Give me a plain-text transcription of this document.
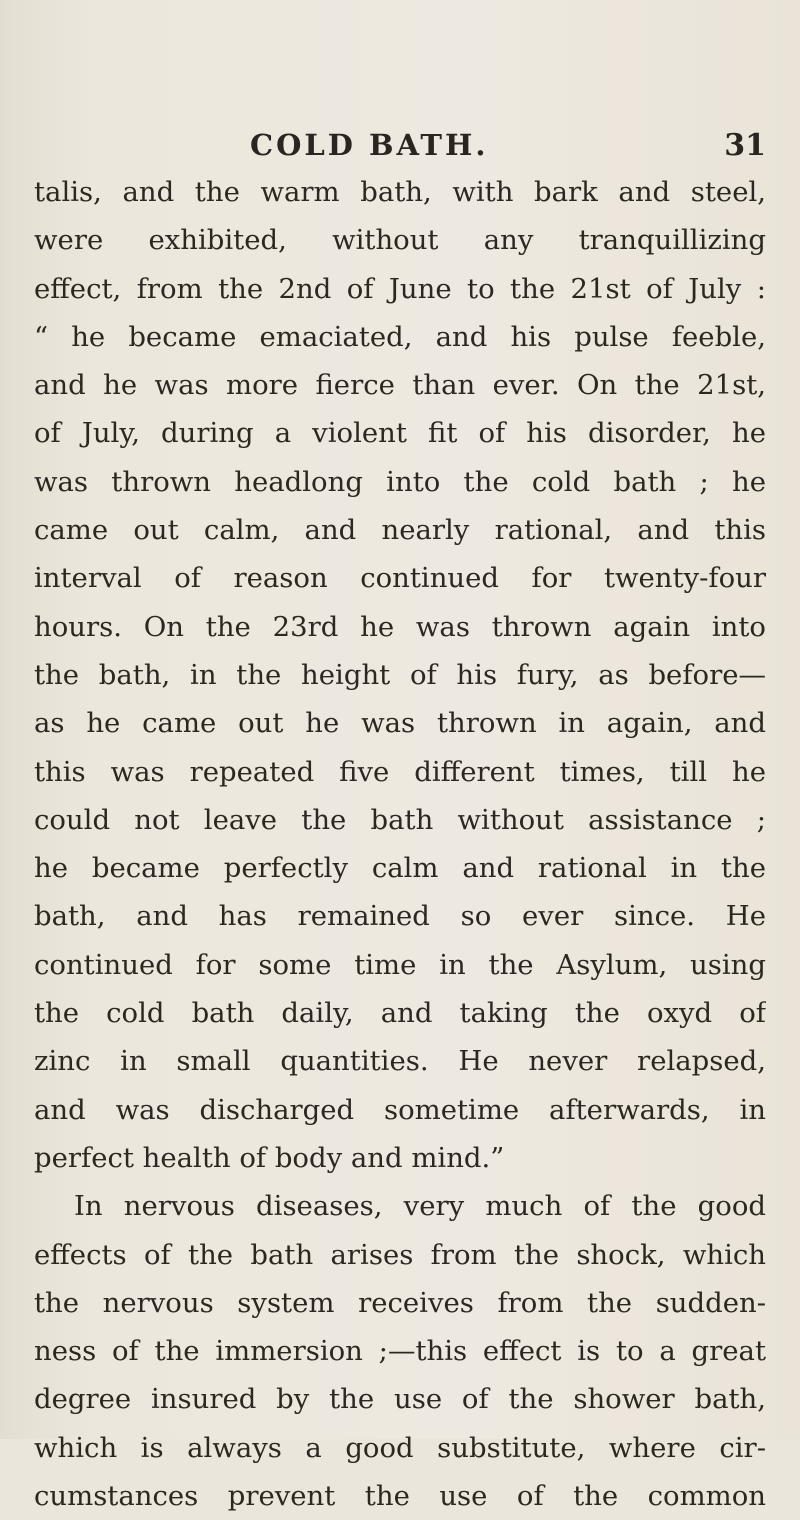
COLD BATH.	31
talis, and the warm bath, with bark and steel,
were exhibited, without any tranquillizing
effect, from the 2nd of June to the 21st of July :
“ he became emaciated, and his pulse feeble,
and he was more fierce than ever. On the 21st,
of July, during a violent fit of his disorder, he
was thrown headlong into the cold bath ; he
came out calm, and nearly rational, and this
interval of reason continued for twenty-four
hours. On the 23rd he was thrown again into
the bath, in the height of his fury, as before—
as he came out he was thrown in again, and
this was repeated five different times, till he
could not leave the bath without assistance ;
he became perfectly calm and rational in the
bath, and has remained so ever since. He
continued for some time in the Asylum, using
the cold bath daily, and taking the oxyd of
zinc in small quantities. He never relapsed,
and was discharged sometime afterwards, in
perfect health of body and mind.”
In nervous diseases, very much of the good
effects of the bath arises from the shock, which
the nervous system receives from the sudden-
ness of the immersion ;—this effect is to a great
degree insured by the use of the shower bath,
which is always a good substitute, where cir-
cumstances prevent the use of the common
